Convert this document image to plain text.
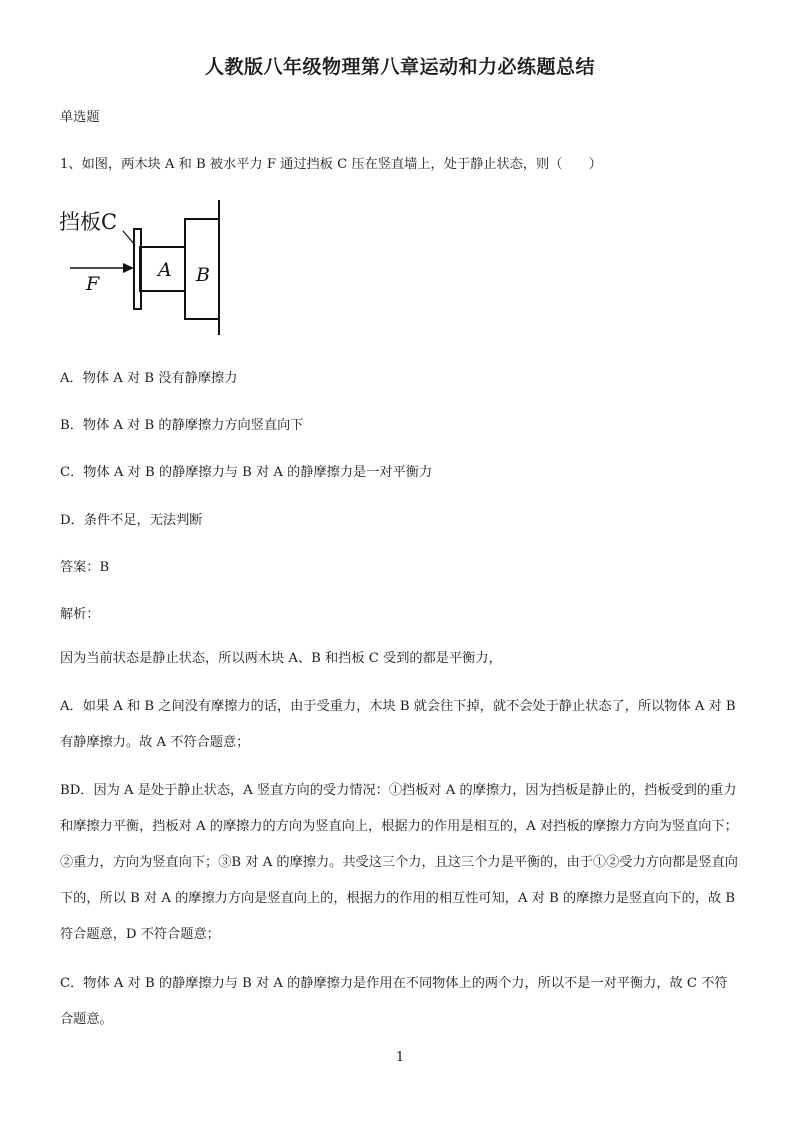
人教版八年级物理第八章运动和力必练题总结
单选题
1、如图，两木块 A 和 B 被水平力 F 通过挡板 C 压在竖直墙上，处于静止状态，则（　　）
挡板C
A B
F
A．物体 A 对 B 没有静摩擦力
B．物体 A 对 B 的静摩擦力方向竖直向下
C．物体 A 对 B 的静摩擦力与 B 对 A 的静摩擦力是一对平衡力
D．条件不足，无法判断
答案：B
解析：
因为当前状态是静止状态，所以两木块 A、B 和挡板 C 受到的都是平衡力，
A．如果 A 和 B 之间没有摩擦力的话，由于受重力，木块 B 就会往下掉，就不会处于静止状态了，所以物体 A 对 B 有静摩擦力。故 A 不符合题意；
BD．因为 A 是处于静止状态，A 竖直方向的受力情况：①挡板对 A 的摩擦力，因为挡板是静止的，挡板受到的重力和摩擦力平衡，挡板对 A 的摩擦力的方向为竖直向上，根据力的作用是相互的，A 对挡板的摩擦力方向为竖直向下；②重力，方向为竖直向下；③B 对 A 的摩擦力。共受这三个力，且这三个力是平衡的，由于①②受力方向都是竖直向下的，所以 B 对 A 的摩擦力方向是竖直向上的，根据力的作用的相互性可知，A 对 B 的摩擦力是竖直向下的，故 B 符合题意，D 不符合题意；
C．物体 A 对 B 的静摩擦力与 B 对 A 的静摩擦力是作用在不同物体上的两个力，所以不是一对平衡力，故 C 不符合题意。
1
